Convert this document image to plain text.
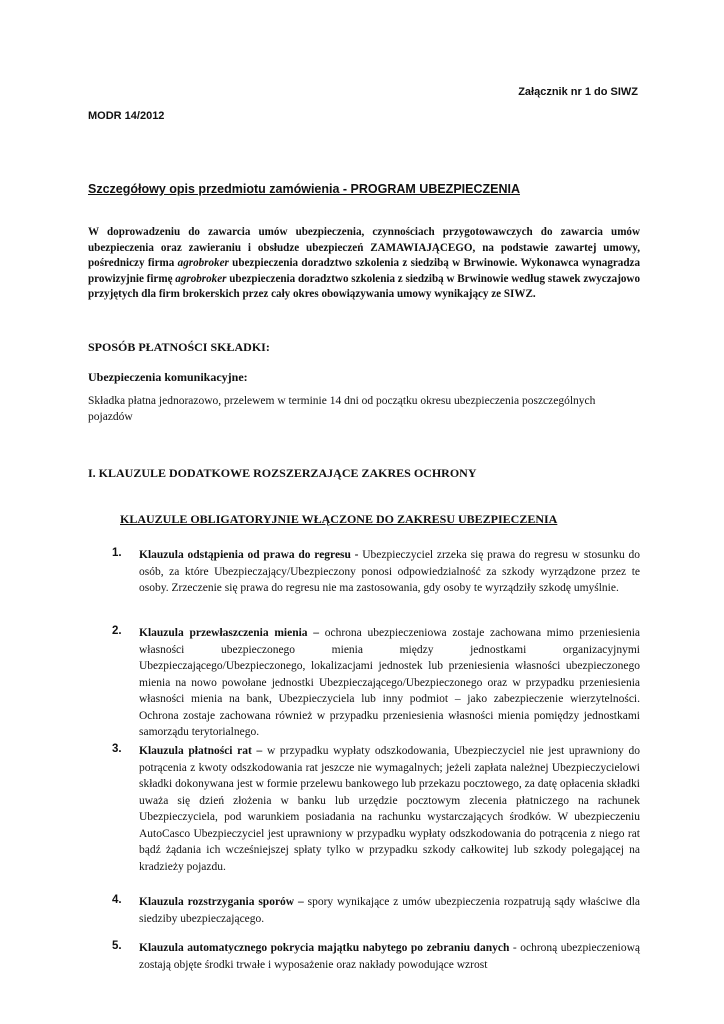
Załącznik nr 1 do SIWZ
MODR 14/2012
Szczegółowy opis przedmiotu zamówienia - PROGRAM UBEZPIECZENIA
W doprowadzeniu do zawarcia umów ubezpieczenia, czynnościach przygotowawczych do zawarcia umów ubezpieczenia oraz zawieraniu i obsłudze ubezpieczeń ZAMAWIAJĄCEGO, na podstawie zawartej umowy, pośredniczy firma agrobroker ubezpieczenia doradztwo szkolenia z siedzibą w Brwinowie. Wykonawca wynagradza prowizyjnie firmę agrobroker ubezpieczenia doradztwo szkolenia z siedzibą w Brwinowie według stawek zwyczajowo przyjętych dla firm brokerskich przez cały okres obowiązywania umowy wynikający ze SIWZ.
SPOSÓB PŁATNOŚCI SKŁADKI:
Ubezpieczenia komunikacyjne:
Składka płatna jednorazowo, przelewem w terminie 14 dni od początku okresu ubezpieczenia poszczególnych pojazdów
I. KLAUZULE DODATKOWE ROZSZERZAJĄCE ZAKRES OCHRONY
KLAUZULE OBLIGATORYJNIE WŁĄCZONE DO ZAKRESU UBEZPIECZENIA
1.	Klauzula odstąpienia od prawa do regresu - Ubezpieczyciel zrzeka się prawa do regresu w stosunku do osób, za które Ubezpieczający/Ubezpieczony ponosi odpowiedzialność za szkody wyrządzone przez te osoby. Zrzeczenie się prawa do regresu nie ma zastosowania, gdy osoby te wyrządziły szkodę umyślnie.
2.	Klauzula przewłaszczenia mienia – ochrona ubezpieczeniowa zostaje zachowana mimo przeniesienia własności ubezpieczonego mienia między jednostkami organizacyjnymi Ubezpieczającego/Ubezpieczonego, lokalizacjami jednostek lub przeniesienia własności ubezpieczonego mienia na nowo powołane jednostki Ubezpieczającego/Ubezpieczonego oraz w przypadku przeniesienia własności mienia na bank, Ubezpieczyciela lub inny podmiot – jako zabezpieczenie wierzytelności. Ochrona zostaje zachowana również w przypadku przeniesienia własności mienia pomiędzy jednostkami samorządu terytorialnego.
3.	Klauzula płatności rat – w przypadku wypłaty odszkodowania, Ubezpieczyciel nie jest uprawniony do potrącenia z kwoty odszkodowania rat jeszcze nie wymagalnych; jeżeli zapłata należnej Ubezpieczycielowi składki dokonywana jest w formie przelewu bankowego lub przekazu pocztowego, za datę opłacenia składki uważa się dzień złożenia w banku lub urzędzie pocztowym zlecenia płatniczego na rachunek Ubezpieczyciela, pod warunkiem posiadania na rachunku wystarczających środków. W ubezpieczeniu AutoCasco Ubezpieczyciel jest uprawniony w przypadku wypłaty odszkodowania do potrącenia z niego rat bądź żądania ich wcześniejszej spłaty tylko w przypadku szkody całkowitej lub szkody polegającej na kradzieży pojazdu.
4.	Klauzula rozstrzygania sporów – spory wynikające z umów ubezpieczenia rozpatrują sądy właściwe dla siedziby ubezpieczającego.
5.	Klauzula automatycznego pokrycia majątku nabytego po zebraniu danych - ochroną ubezpieczeniową zostają objęte środki trwałe i wyposażenie oraz nakłady powodujące wzrost
